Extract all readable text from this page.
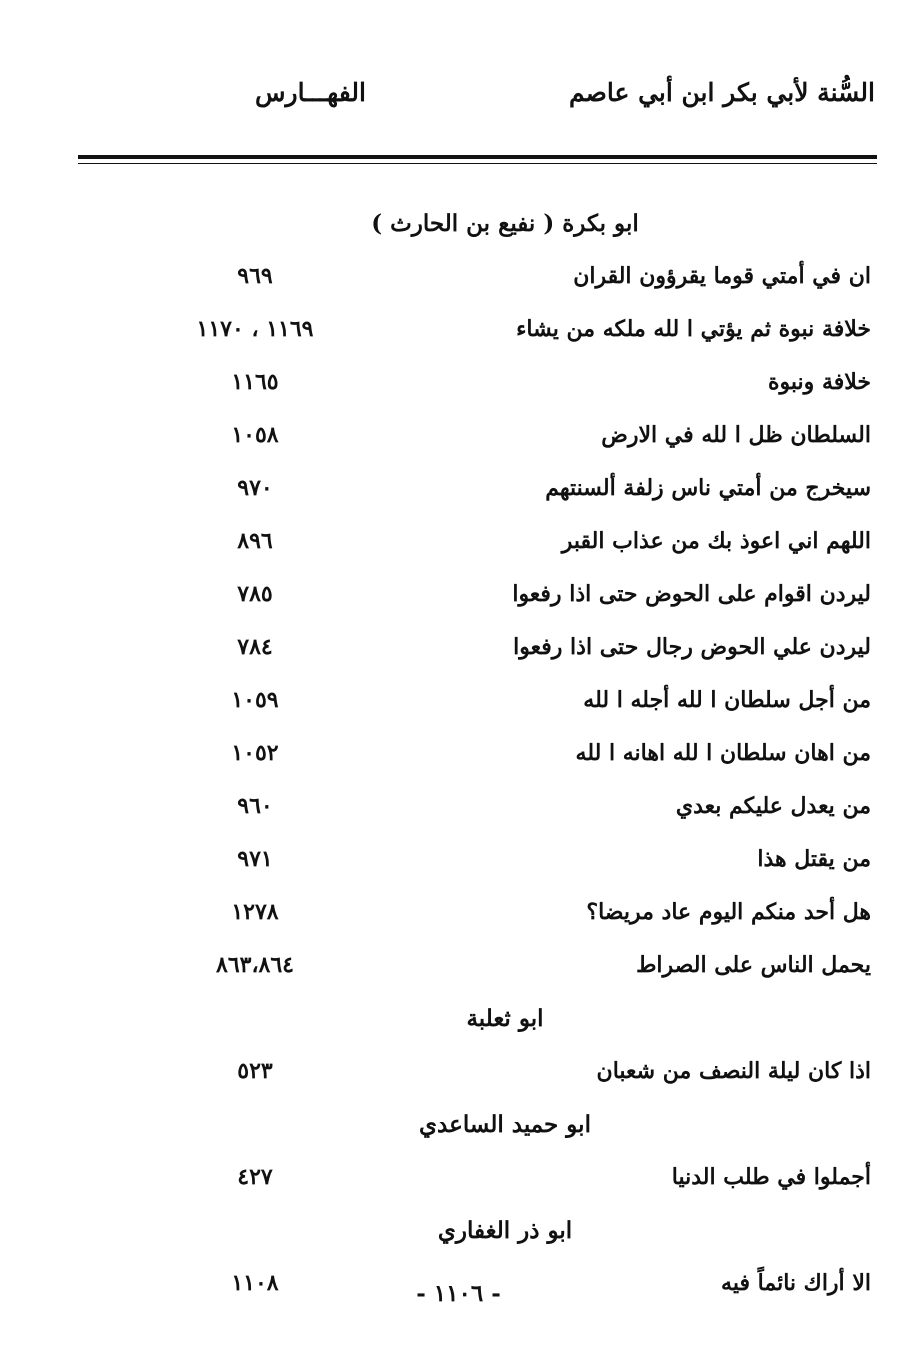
السُّنة لأبي بكر ابن أبي عاصم
الفهـــارس
ابو بكرة ( نفيع بن الحارث )
ان في أمتي قوما يقرؤون القران
٩٦٩
خلافة نبوة ثم يؤتي ا لله ملكه من يشاء
١١٦٩ ، ١١٧٠
خلافة ونبوة
١١٦٥
السلطان ظل ا لله في الارض
١٠٥٨
سيخرج من أمتي ناس زلفة ألسنتهم
٩٧٠
اللهم اني اعوذ بك من عذاب القبر
٨٩٦
ليردن اقوام على الحوض حتى اذا رفعوا
٧٨٥
ليردن علي الحوض رجال حتى اذا رفعوا
٧٨٤
من أجل سلطان ا لله أجله ا لله
١٠٥٩
من اهان سلطان ا لله اهانه ا لله
١٠٥٢
من يعدل عليكم بعدي
٩٦٠
من يقتل هذا
٩٧١
هل أحد منكم اليوم عاد مريضا؟
١٢٧٨
يحمل الناس على الصراط
٨٦٣،٨٦٤
ابو ثعلبة
اذا كان ليلة النصف من شعبان
٥٢٣
ابو حميد الساعدي
أجملوا في طلب الدنيا
٤٢٧
ابو ذر الغفاري
الا أراك نائماً فيه
١١٠٨	- ١١٠٦ -
